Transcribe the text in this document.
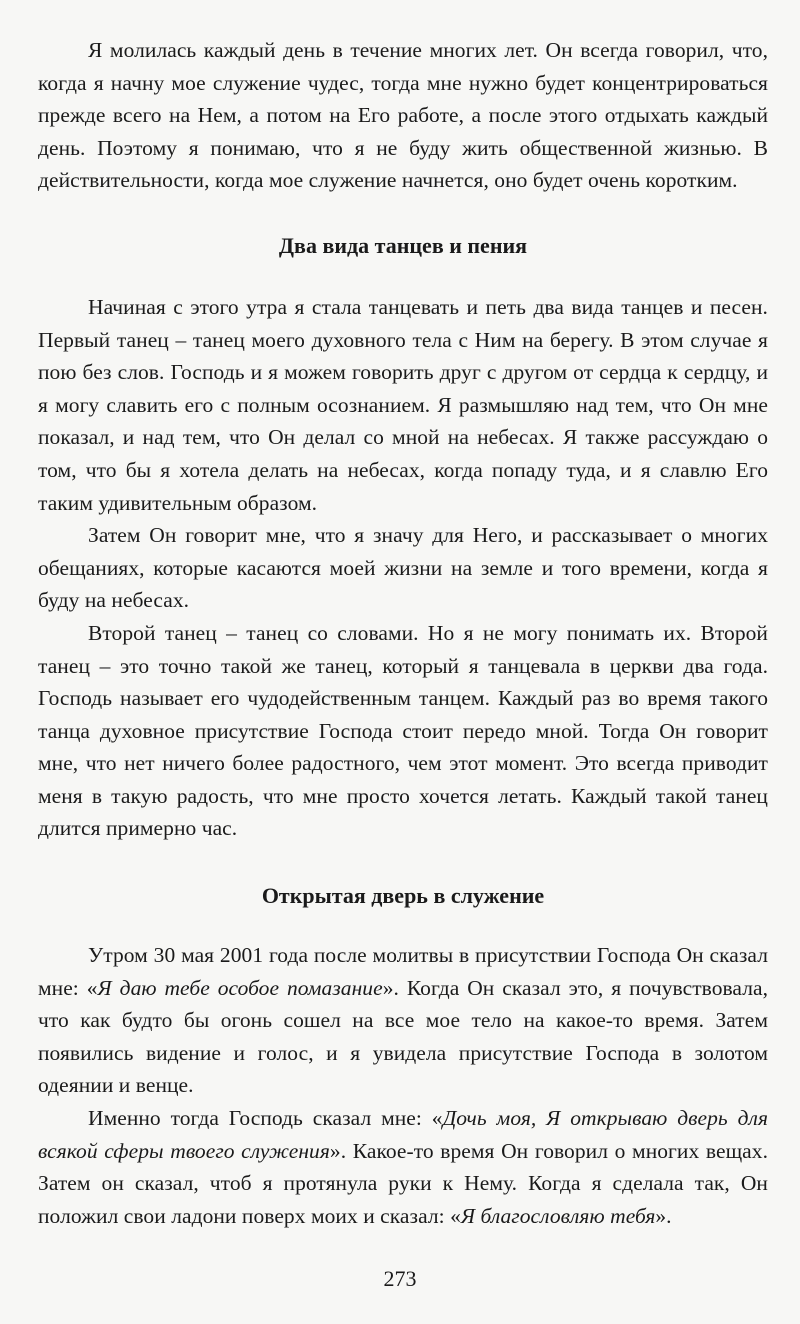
Я молилась каждый день в течение многих лет. Он всегда говорил, что, когда я начну мое служение чудес, тогда мне нужно будет концентрироваться прежде всего на Нем, а потом на Его работе, а после этого отдыхать каждый день. Поэтому я понимаю, что я не буду жить общественной жизнью. В действительности, когда мое служение начнется, оно будет очень коротким.

Два вида танцев и пения

Начиная с этого утра я стала танцевать и петь два вида танцев и песен. Первый танец – танец моего духовного тела с Ним на берегу. В этом случае я пою без слов. Господь и я можем говорить друг с другом от сердца к сердцу, и я могу славить его с полным осознанием. Я размышляю над тем, что Он мне показал, и над тем, что Он делал со мной на небесах. Я также рассуждаю о том, что бы я хотела делать на небесах, когда попаду туда, и я славлю Его таким удивительным образом.

Затем Он говорит мне, что я значу для Него, и рассказывает о многих обещаниях, которые касаются моей жизни на земле и того времени, когда я буду на небесах.

Второй танец – танец со словами. Но я не могу понимать их. Второй танец – это точно такой же танец, который я танцевала в церкви два года. Господь называет его чудодейственным танцем. Каждый раз во время такого танца духовное присутствие Господа стоит передо мной. Тогда Он говорит мне, что нет ничего более радостного, чем этот момент. Это всегда приводит меня в такую радость, что мне просто хочется летать. Каждый такой танец длится примерно час.

Открытая дверь в служение

Утром 30 мая 2001 года после молитвы в присутствии Господа Он сказал мне: «Я даю тебе особое помазание». Когда Он сказал это, я почувствовала, что как будто бы огонь сошел на все мое тело на какое-то время. Затем появились видение и голос, и я увидела присутствие Господа в золотом одеянии и венце.

Именно тогда Господь сказал мне: «Дочь моя, Я открываю дверь для всякой сферы твоего служения». Какое-то время Он говорил о многих вещах. Затем он сказал, чтоб я протянула руки к Нему. Когда я сделала так, Он положил свои ладони поверх моих и сказал: «Я благословляю тебя».

273
